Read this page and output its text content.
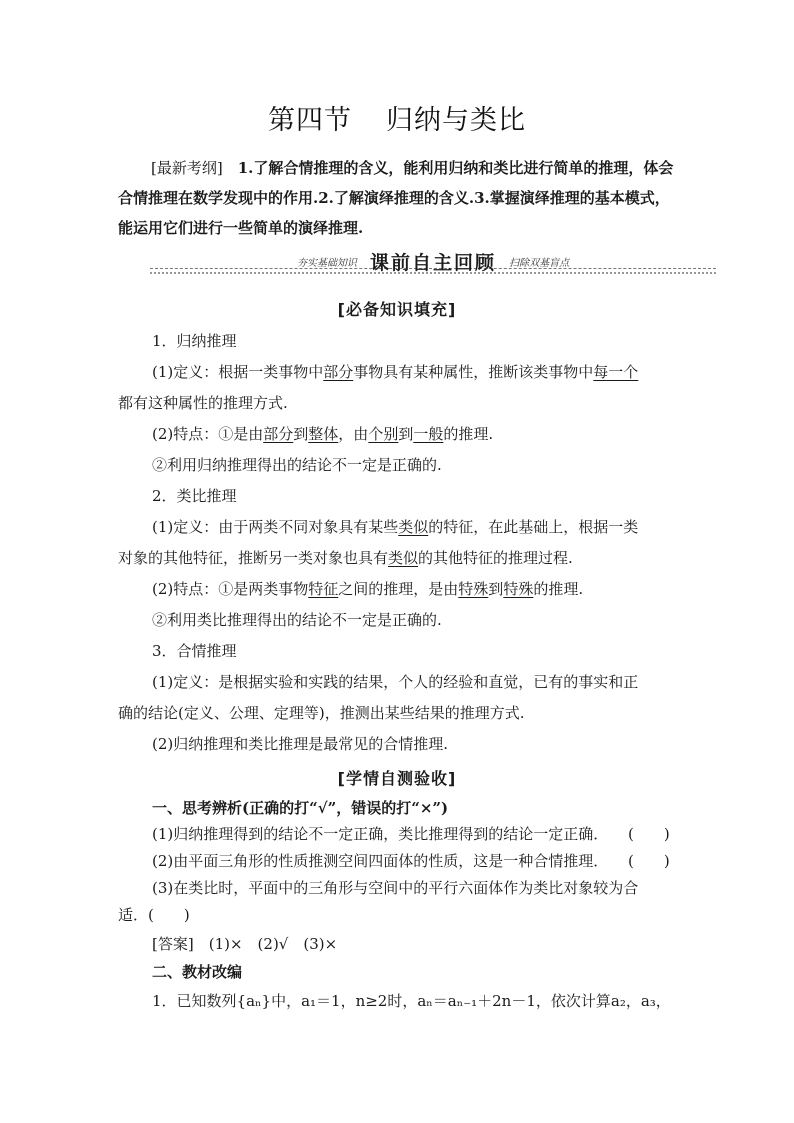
第四节 归纳与类比
[最新考纲]　 1.了解合情推理的含义，能利用归纳和类比进行简单的推理，体会合情推理在数学发现中的作用.2.了解演绎推理的含义.3.掌握演绎推理的基本模式，能运用它们进行一些简单的演绎推理.
夯实基础知识 课前自主回顾 扫除双基盲点
[必备知识填充]
1．归纳推理
(1)定义：根据一类事物中部分事物具有某种属性，推断该类事物中每一个
都有这种属性的推理方式.
(2)特点：①是由部分到整体，由个别到一般的推理.
②利用归纳推理得出的结论不一定是正确的.
2．类比推理
(1)定义：由于两类不同对象具有某些类似的特征，在此基础上，根据一类
对象的其他特征，推断另一类对象也具有类似的其他特征的推理过程.
(2)特点：①是两类事物特征之间的推理，是由特殊到特殊的推理.
②利用类比推理得出的结论不一定是正确的.
3．合情推理
(1)定义：是根据实验和实践的结果，个人的经验和直觉，已有的事实和正
确的结论(定义、公理、定理等)，推测出某些结果的推理方式.
(2)归纳推理和类比推理是最常见的合情推理.
[学情自测验收]
一、思考辨析(正确的打“√”，错误的打“×”)
(1)归纳推理得到的结论不一定正确，类比推理得到的结论一定正确． (　　)
(2)由平面三角形的性质推测空间四面体的性质，这是一种合情推理． (　　)
(3)在类比时，平面中的三角形与空间中的平行六面体作为类比对象较为合
适．(　　)
[答案]　 (1)×　(2)√　(3)×
二、教材改编
1．已知数列{aₙ}中，a₁＝1，n≥2时，aₙ＝aₙ₋₁＋2n－1，依次计算a₂，a₃，
